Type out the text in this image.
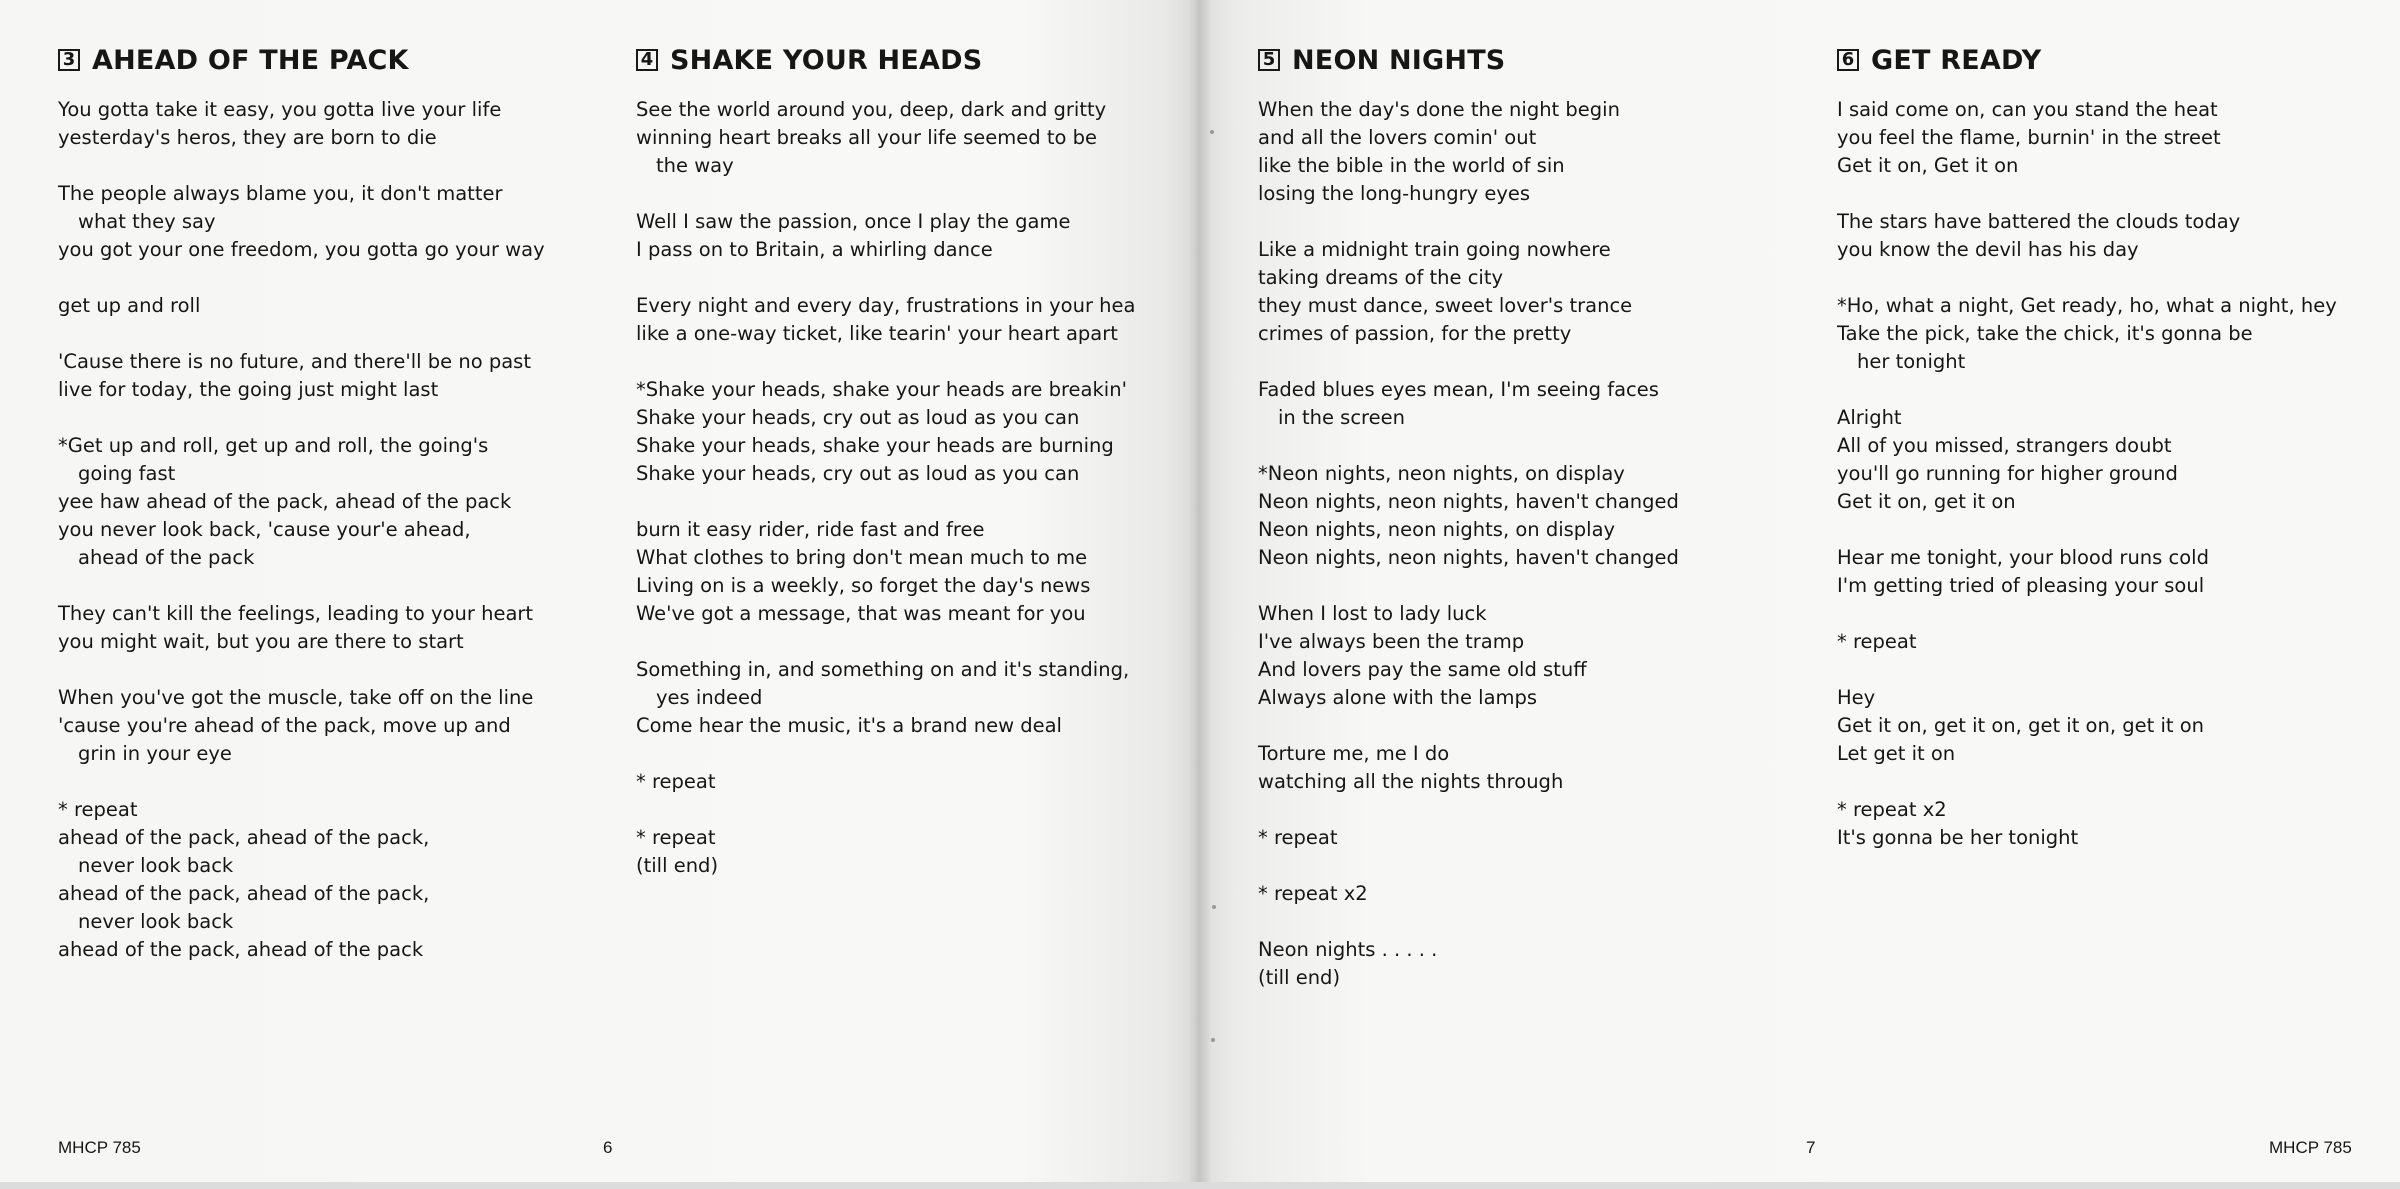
3 AHEAD OF THE PACK
You gotta take it easy, you gotta live your life
yesterday's heros, they are born to die
The people always blame you, it don't matter
what they say
you got your one freedom, you gotta go your way
get up and roll
'Cause there is no future, and there'll be no past
live for today, the going just might last
*Get up and roll, get up and roll, the going's
going fast
yee haw ahead of the pack, ahead of the pack
you never look back, 'cause your'e ahead,
ahead of the pack
They can't kill the feelings, leading to your heart
you might wait, but you are there to start
When you've got the muscle, take off on the line
'cause you're ahead of the pack, move up and
grin in your eye
* repeat
ahead of the pack, ahead of the pack,
never look back
ahead of the pack, ahead of the pack,
never look back
ahead of the pack, ahead of the pack
4 SHAKE YOUR HEADS
See the world around you, deep, dark and gritty
winning heart breaks all your life seemed to be
the way
Well I saw the passion, once I play the game
I pass on to Britain, a whirling dance
Every night and every day, frustrations in your hea
like a one-way ticket, like tearin' your heart apart
*Shake your heads, shake your heads are breakin'
Shake your heads, cry out as loud as you can
Shake your heads, shake your heads are burning
Shake your heads, cry out as loud as you can
burn it easy rider, ride fast and free
What clothes to bring don't mean much to me
Living on is a weekly, so forget the day's news
We've got a message, that was meant for you
Something in, and something on and it's standing,
yes indeed
Come hear the music, it's a brand new deal
* repeat
* repeat
(till end)
MHCP 785	6
5 NEON NIGHTS
When the day's done the night begin
and all the lovers comin' out
like the bible in the world of sin
losing the long-hungry eyes
Like a midnight train going nowhere
taking dreams of the city
they must dance, sweet lover's trance
crimes of passion, for the pretty
Faded blues eyes mean, I'm seeing faces
in the screen
*Neon nights, neon nights, on display
Neon nights, neon nights, haven't changed
Neon nights, neon nights, on display
Neon nights, neon nights, haven't changed
When I lost to lady luck
I've always been the tramp
And lovers pay the same old stuff
Always alone with the lamps
Torture me, me I do
watching all the nights through
* repeat
* repeat x2
Neon nights . . . . .
(till end)
6 GET READY
I said come on, can you stand the heat
you feel the flame, burnin' in the street
Get it on, Get it on
The stars have battered the clouds today
you know the devil has his day
*Ho, what a night, Get ready, ho, what a night, hey
Take the pick, take the chick, it's gonna be
her tonight
Alright
All of you missed, strangers doubt
you'll go running for higher ground
Get it on, get it on
Hear me tonight, your blood runs cold
I'm getting tried of pleasing your soul
* repeat
Hey
Get it on, get it on, get it on, get it on
Let get it on
* repeat x2
It's gonna be her tonight
7	MHCP 785
